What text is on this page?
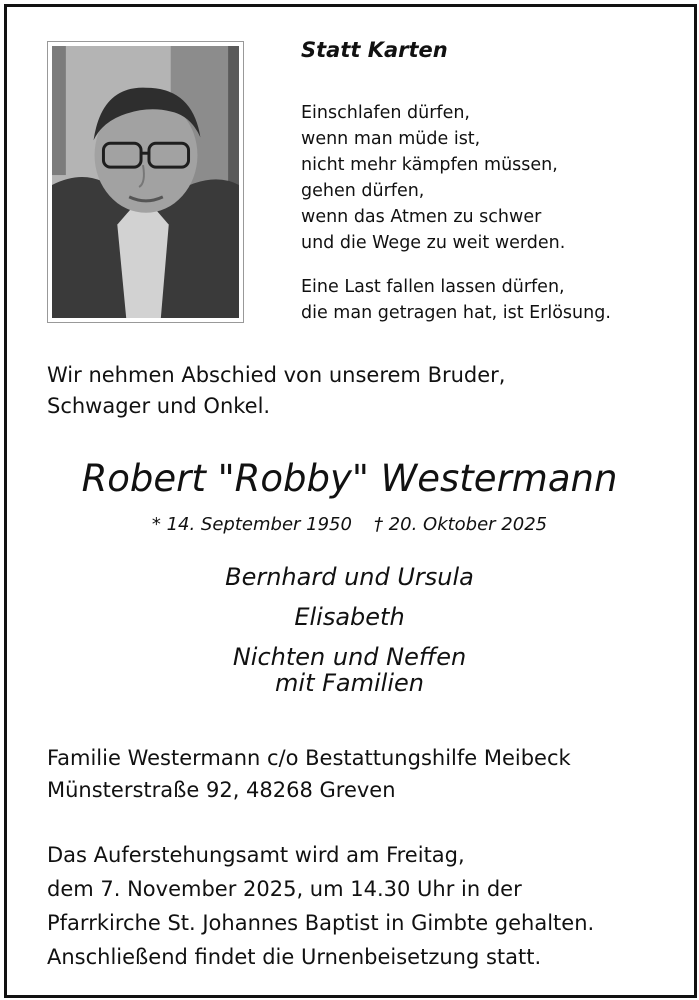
Statt Karten
Einschlafen dürfen,
wenn man müde ist,
nicht mehr kämpfen müssen,
gehen dürfen,
wenn das Atmen zu schwer
und die Wege zu weit werden.
Eine Last fallen lassen dürfen,
die man getragen hat, ist Erlösung.
Wir nehmen Abschied von unserem Bruder,
Schwager und Onkel.
Robert "Robby" Westermann
* 14. September 1950 † 20. Oktober 2025
Bernhard und Ursula
Elisabeth
Nichten und Neffen
mit Familien
Familie Westermann c/o Bestattungshilfe Meibeck
Münsterstraße 92, 48268 Greven
Das Auferstehungsamt wird am Freitag,
dem 7. November 2025, um 14.30 Uhr in der
Pfarrkirche St. Johannes Baptist in Gimbte gehalten.
Anschließend findet die Urnenbeisetzung statt.
